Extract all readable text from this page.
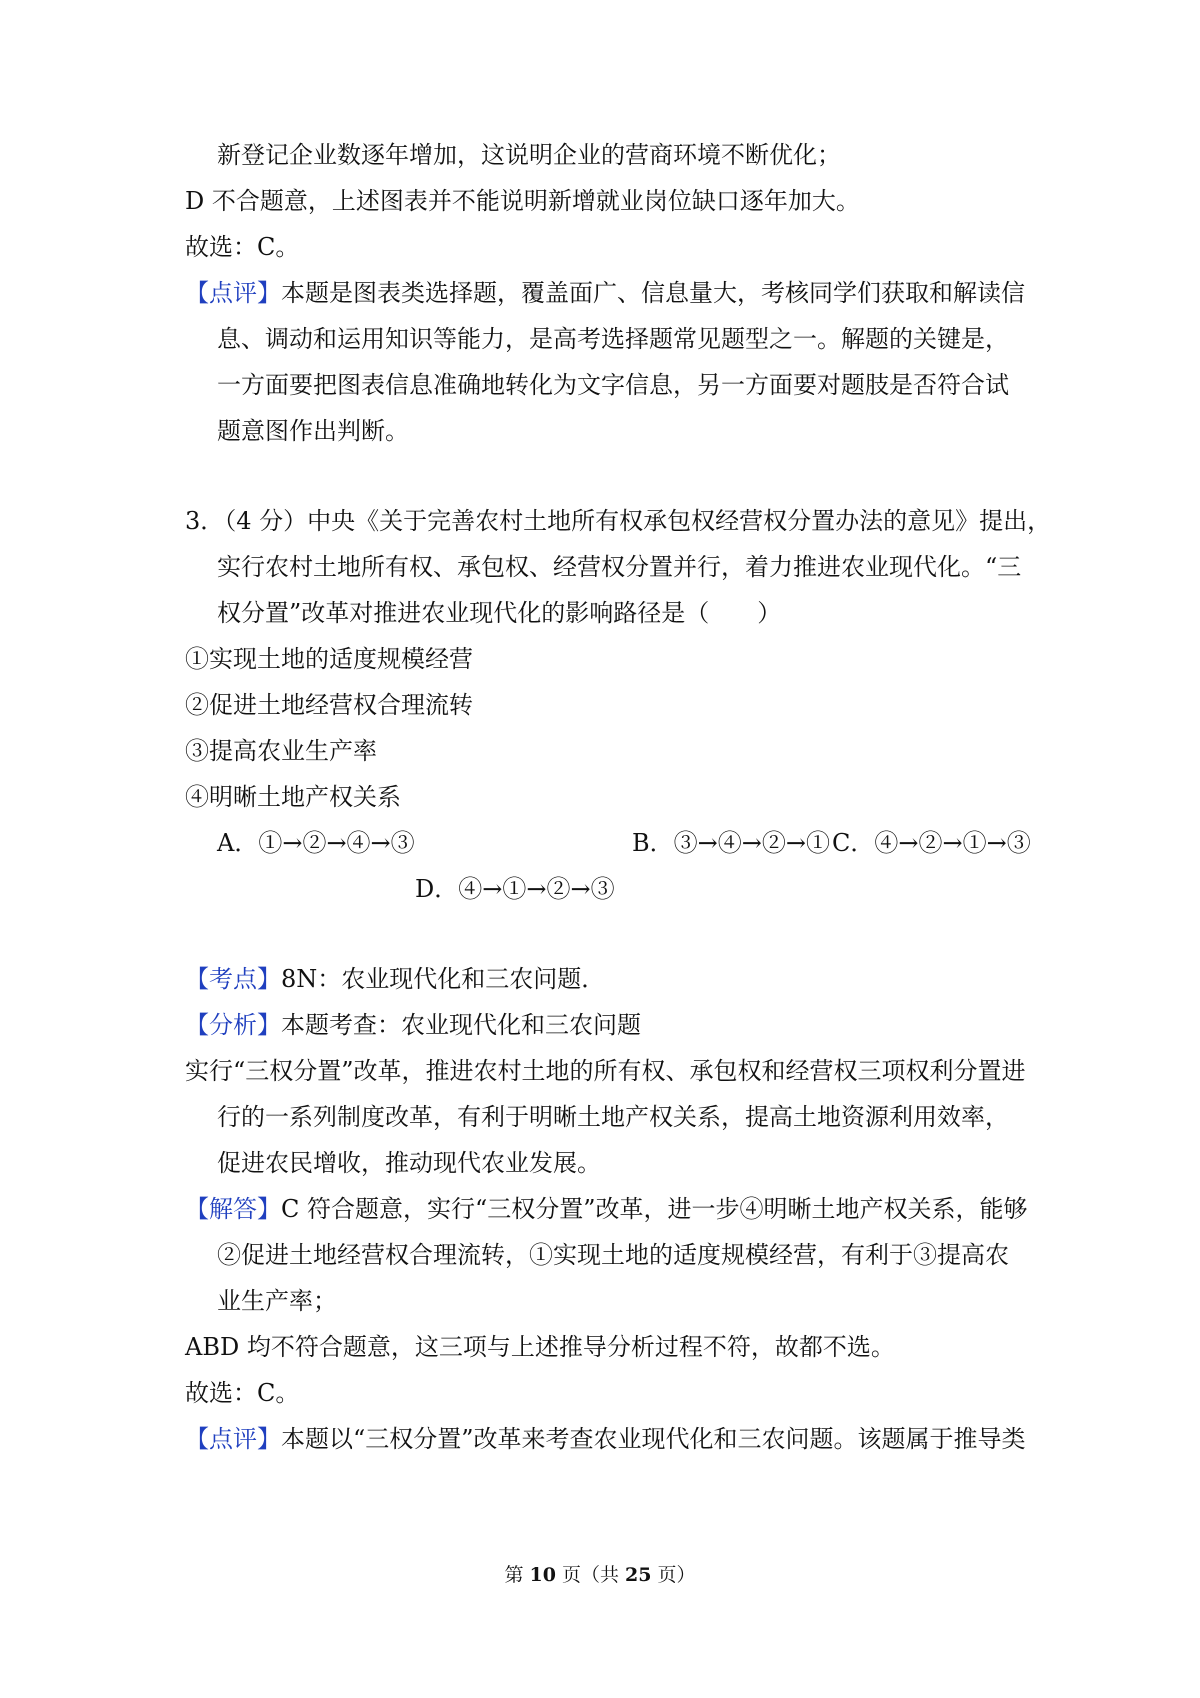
新登记企业数逐年增加，这说明企业的营商环境不断优化；
D 不合题意，上述图表并不能说明新增就业岗位缺口逐年加大。
故选：C。
【点评】本题是图表类选择题，覆盖面广、信息量大，考核同学们获取和解读信
息、调动和运用知识等能力，是高考选择题常见题型之一。解题的关键是，
一方面要把图表信息准确地转化为文字信息，另一方面要对题肢是否符合试
题意图作出判断。
3．（4 分）中央《关于完善农村土地所有权承包权经营权分置办法的意见》提出，
实行农村土地所有权、承包权、经营权分置并行，着力推进农业现代化。“三
权分置”改革对推进农业现代化的影响路径是（　　）
①实现土地的适度规模经营
②促进土地经营权合理流转
③提高农业生产率
④明晰土地产权关系
A．①→②→④→③	B．③→④→②→① C．④→②→①→③
D．④→①→②→③
【考点】8N：农业现代化和三农问题．
【分析】本题考查：农业现代化和三农问题
实行“三权分置”改革，推进农村土地的所有权、承包权和经营权三项权利分置进
行的一系列制度改革，有利于明晰土地产权关系，提高土地资源利用效率，
促进农民增收，推动现代农业发展。
【解答】C 符合题意，实行“三权分置”改革，进一步④明晰土地产权关系，能够
②促进土地经营权合理流转，①实现土地的适度规模经营，有利于③提高农
业生产率；
ABD 均不符合题意，这三项与上述推导分析过程不符，故都不选。
故选：C。
【点评】本题以“三权分置”改革来考查农业现代化和三农问题。该题属于推导类
第 10 页（共 25 页）
